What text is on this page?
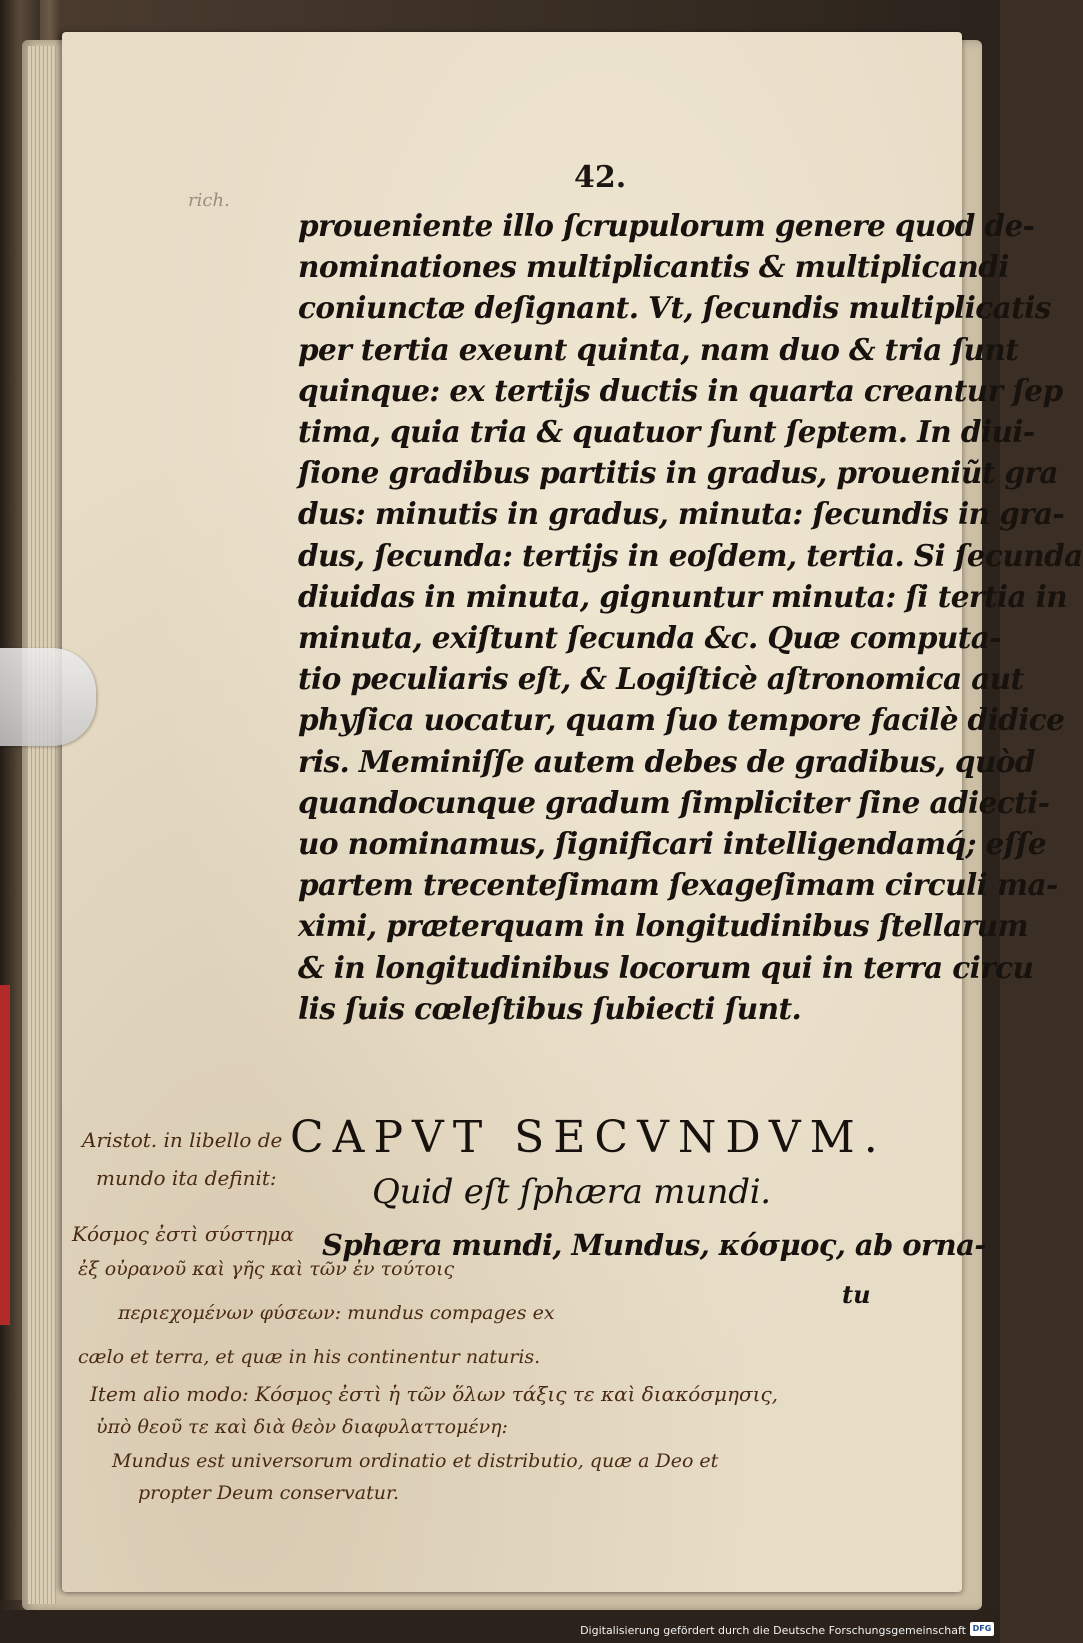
42.
rich.
proueniente illo ſcrupulorum genere quod de-
nominationes multiplicantis & multiplicandi
coniunctæ deſignant. Vt, ſecundis multiplicatis
per tertia exeunt quinta, nam duo & tria ſunt
quinque: ex tertijs ductis in quarta creantur ſep
tima, quia tria & quatuor ſunt ſeptem. In diui-
ſione gradibus partitis in gradus, proueniũt gra
dus: minutis in gradus, minuta: ſecundis in gra-
dus, ſecunda: tertijs in eoſdem, tertia. Si ſecunda
diuidas in minuta, gignuntur minuta: ſi tertia in
minuta, exiſtunt ſecunda &c. Quæ computa-
tio peculiaris eſt, & Logiſticè aſtronomica aut
phyſica uocatur, quam ſuo tempore facilè didice
ris. Meminiſſe autem debes de gradibus, quòd
quandocunque gradum ſimpliciter ſine adiecti-
uo nominamus, ſignificari intelligendamq́; eſſe
partem trecenteſimam ſexageſimam circuli ma-
ximi, præterquam in longitudinibus ſtellarum
& in longitudinibus locorum qui in terra circu
lis ſuis cœleſtibus ſubiecti ſunt.
CAPVT SECVNDVM.
Quid eſt ſphæra mundi.
Sphæra mundi, Mundus, κόσμος, ab orna-
tu
Aristot. in libello de
mundo ita definit:
Κόσμος ἐστὶ σύστημα
ἐξ οὐρανοῦ καὶ γῆς καὶ τῶν ἐν τούτοις
περιεχομένων φύσεων: mundus compages ex
cælo et terra, et quæ in his continentur naturis.
Item alio modo: Κόσμος ἐστὶ ἡ τῶν ὅλων τάξις τε καὶ διακόσμησις,
ὑπὸ θεοῦ τε καὶ διὰ θεὸν διαφυλαττομένη:
Mundus est universorum ordinatio et distributio, quæ a Deo et
propter Deum conservatur.
Digitalisierung gefördert durch die Deutsche Forschungsgemeinschaft DFG
